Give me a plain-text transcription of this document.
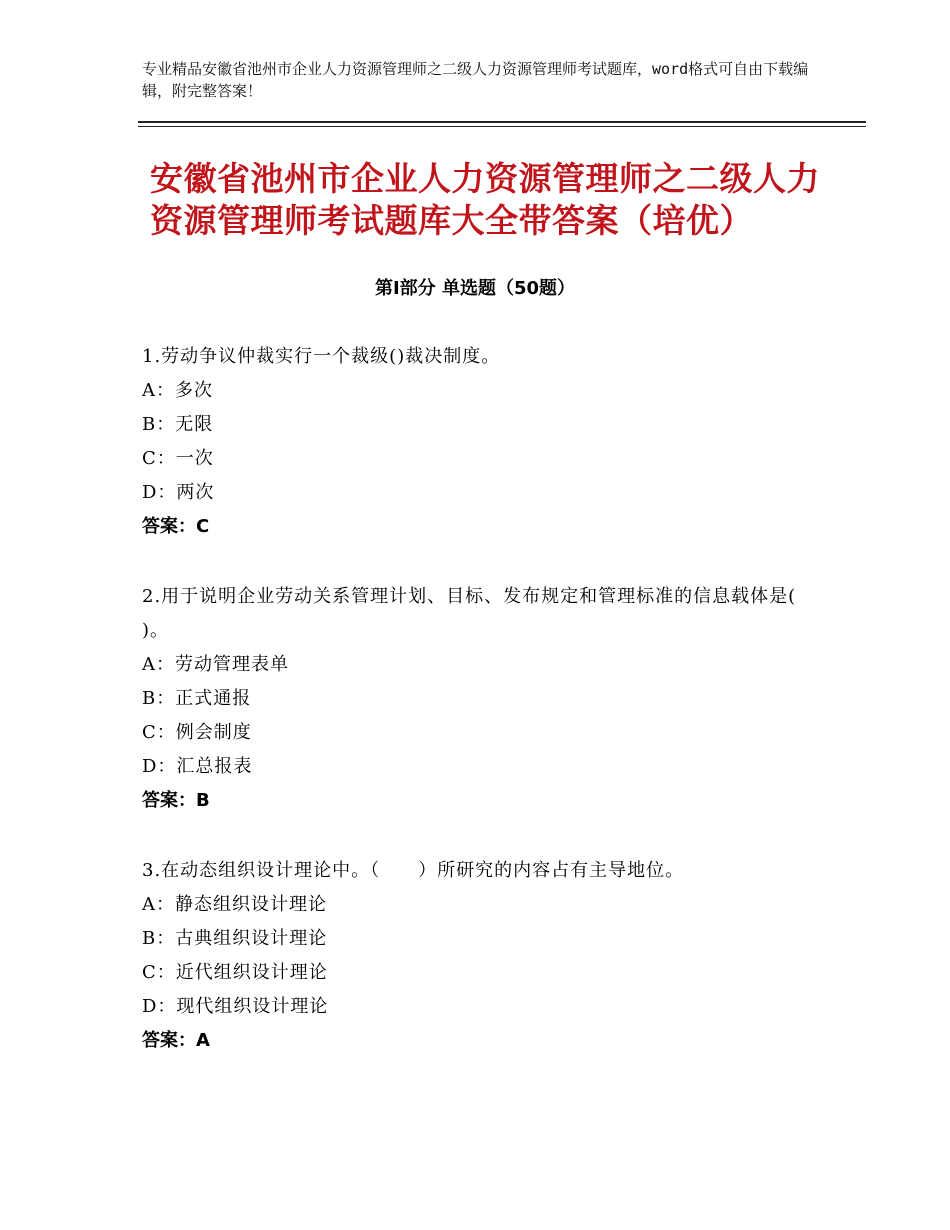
专业精品安徽省池州市企业人力资源管理师之二级人力资源管理师考试题库，word格式可自由下载编辑，附完整答案！
安徽省池州市企业人力资源管理师之二级人力资源管理师考试题库大全带答案（培优）
第Ⅰ部分 单选题（50题）
1.劳动争议仲裁实行一个裁级()裁决制度。
A：多次
B：无限
C：一次
D：两次
答案：C
2.用于说明企业劳动关系管理计划、目标、发布规定和管理标准的信息载体是( )。
A：劳动管理表单
B：正式通报
C：例会制度
D：汇总报表
答案：B
3.在动态组织设计理论中。（　　）所研究的内容占有主导地位。
A：静态组织设计理论
B：古典组织设计理论
C：近代组织设计理论
D：现代组织设计理论
答案：A
